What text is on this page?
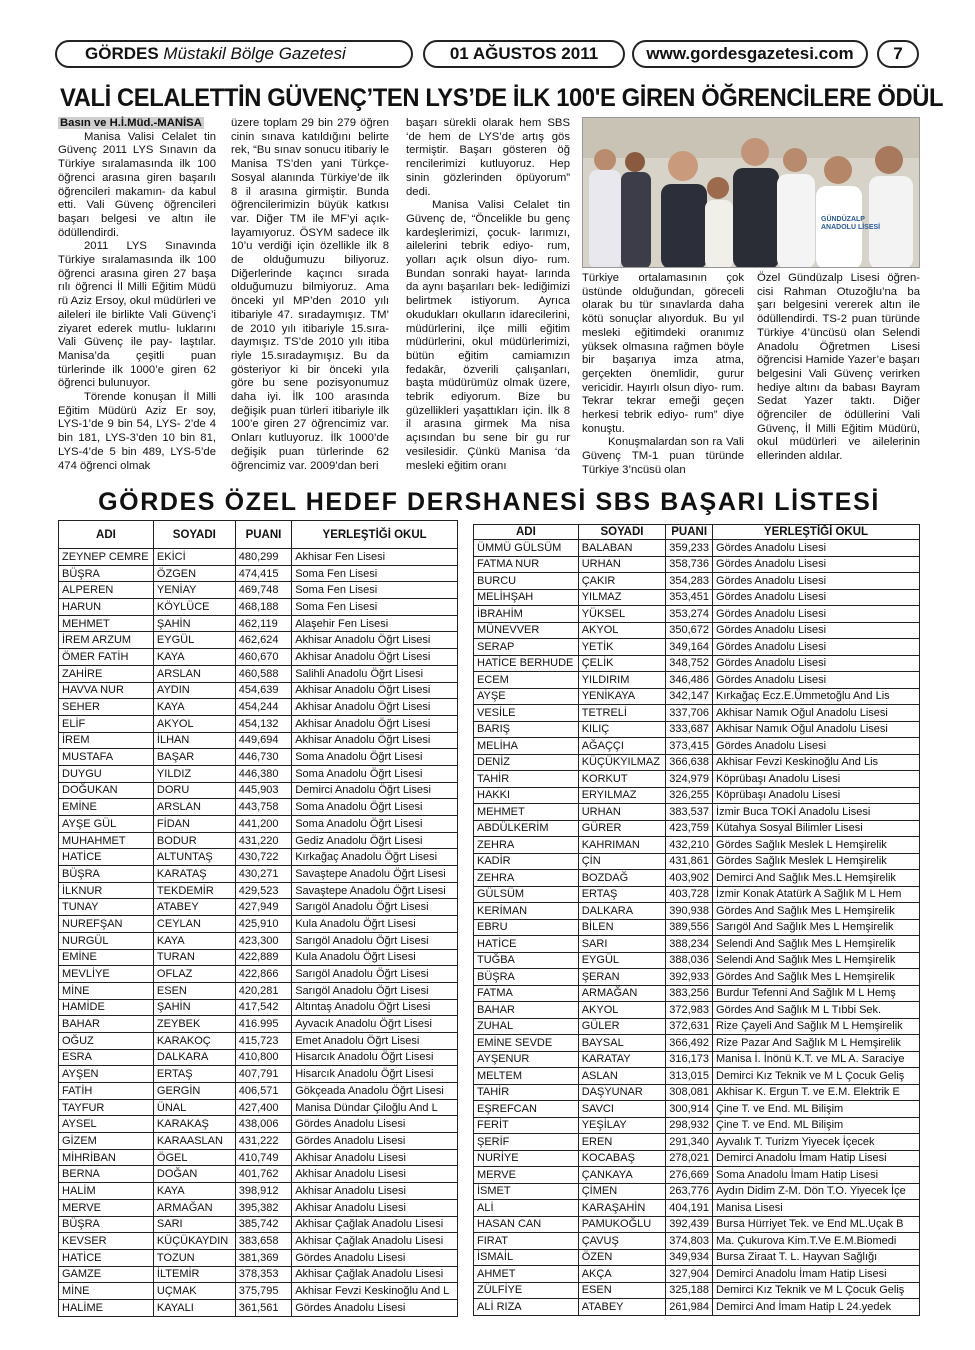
GÖRDES
Müstakil Bölge Gazetesi	01 AĞUSTOS 2011	www.gordesgazetesi.com 7
VALİ CELALETTİN GÜVENÇ’TEN LYS’DE İLK 100'E GİREN ÖĞRENCİLERE ÖDÜL

Basın ve H.İ.Müd.-MANİSA

Manisa Valisi Celalet tin Güvenç 2011 LYS Sınavın da Türkiye sıralamasında ilk 100 öğrenci arasına giren başarılı öğrencileri makamın- da kabul etti. Vali Güvenç öğrencileri başarı belgesi ve altın ile ödüllendirdi.

2011 LYS Sınavında Türkiye sıralamasında ilk 100 öğrenci arasına giren 27 başa rılı öğrenci İl Milli Eğitim Müdü rü Aziz Ersoy, okul müdürleri ve aileleri ile birlikte Vali Güvenç’i ziyaret ederek mutlu- luklarını Vali Güvenç ile pay- laştılar. Manisa’da çeşitli puan türlerinde ilk 1000’e giren 62 öğrenci bulunuyor.

Törende konuşan İl Milli Eğitim Müdürü Aziz Er soy, LYS-1’de 9 bin 54, LYS- 2’de 4 bin 181, LYS-3’den 10 bin 81, LYS-4’de 5 bin 489, LYS-5’de 474 öğrenci olmak

üzere toplam 29 bin 279 öğren cinin sınava katıldığını belirte rek, “Bu sınav sonucu itibariy le Manisa TS’den yani Türkçe- Sosyal alanında Türkiye’de ilk 8 il arasına girmiştir. Bunda öğrencilerimizin büyük katkısı var. Diğer TM ile MF’yi açık- layamıyoruz. ÖSYM sadece ilk 10’u verdiği için özellikle ilk 8 de olduğumuzu biliyoruz. Diğerlerinde kaçıncı sırada olduğumuzu bilmiyoruz. Ama önceki yıl MP’den 2010 yılı itibariyle 47. sıradaymışız. TM’ de 2010 yılı itibariyle 15.sıra- daymışız. TS’de 2010 yılı itiba riyle 15.sıradaymışız. Bu da gösteriyor ki bir önceki yıla göre bu sene pozisyonumuz daha iyi. İlk 100 arasında değişik puan türleri itibariyle ilk 100’e giren 27 öğrencimiz var. Onları kutluyoruz. İlk 1000’de değişik puan türlerinde 62 öğrencimiz var. 2009’dan beri

başarı sürekli olarak hem SBS ‘de hem de LYS’de artış gös termiştir. Başarı gösteren öğ rencilerimizi kutluyoruz. Hep sinin gözlerinden öpüyorum” dedi.

Manisa Valisi Celalet tin Güvenç de, “Öncelikle bu genç kardeşlerimizi, çocuk- larımızı, ailelerini tebrik ediyo- rum, yolları açık olsun diyo- rum. Bundan sonraki hayat- larında da aynı başarıları bek- lediğimizi belirtmek istiyorum. Ayrıca okudukları okulların idarecilerini, müdürlerini, ilçe milli eğitim müdürlerini, okul müdürlerimizi, bütün eğitim camiamızın fedakâr, özverili çalışanları, başta müdürümüz olmak üzere, tebrik ediyorum. Bize bu güzellikleri yaşattıkları için. İlk 8 il arasına girmek Ma nisa açısından bu sene bir gu rur vesilesidir. Çünkü Manisa ‘da mesleki eğitim oranı

GÜNDÜZALP
ANADOLU LİSESİ

Türkiye ortalamasının çok üstünde olduğundan, göreceli olarak bu tür sınavlarda daha kötü sonuçlar alıyorduk. Bu yıl mesleki eğitimdeki oranımız yüksek olmasına rağmen böyle bir başarıya imza atma, gerçekten önemlidir, gurur vericidir. Hayırlı olsun diyo- rum. Tekrar tekrar emeği geçen herkesi tebrik ediyo- rum” diye konuştu.

Konuşmalardan son ra Vali Güvenç TM-1 puan türünde Türkiye 3’ncüsü olan

Özel Gündüzalp Lisesi öğren- cisi Rahman Otuzoğlu’na ba şarı belgesini vererek altın ile ödüllendirdi. TS-2 puan türünde Türkiye 4’üncüsü olan Selendi Anadolu Öğretmen Lisesi öğrencisi Hamide Yazer’e başarı belgesini Vali Güvenç verirken hediye altını da babası Bayram Sedat Yazer taktı. Diğer öğrenciler de ödüllerini Vali Güvenç, İl Milli Eğitim Müdürü, okul müdürleri ve ailelerinin ellerinden aldılar.

GÖRDES ÖZEL HEDEF DERSHANESİ SBS BAŞARI LİSTESİ
ADI	SOYADI	PUANI	YERLEŞTİĞİ OKUL
ZEYNEP CEMRE	EKİCİ	480,299	Akhisar Fen Lisesi
BÜŞRA	ÖZGEN	474,415	Soma Fen Lisesi
ALPEREN	YENİAY	469,748	Soma Fen Lisesi
HARUN	KÖYLÜCE	468,188	Soma Fen Lisesi
MEHMET	ŞAHİN	462,119	Alaşehir Fen Lisesi
İREM ARZUM	EYGÜL	462,624	Akhisar Anadolu Öğrt Lisesi
ÖMER FATİH	KAYA	460,670	Akhisar Anadolu Öğrt Lisesi
ZAHİRE	ARSLAN	460,588	Salihli Anadolu Öğrt Lisesi
HAVVA NUR	AYDIN	454,639	Akhisar Anadolu Öğrt Lisesi
SEHER	KAYA	454,244	Akhisar Anadolu Öğrt Lisesi
ELİF	AKYOL	454,132	Akhisar Anadolu Öğrt Lisesi
İREM	İLHAN	449,694	Akhisar Anadolu Öğrt Lisesi
MUSTAFA	BAŞAR	446,730	Soma Anadolu Öğrt Lisesi
DUYGU	YILDIZ	446,380	Soma Anadolu Öğrt Lisesi
DOĞUKAN	DORU	445,903	Demirci Anadolu Öğrt Lisesi
EMİNE	ARSLAN	443,758	Soma Anadolu Öğrt Lisesi
AYŞE GÜL	FİDAN	441,200	Soma Anadolu Öğrt Lisesi
MUHAHMET	BODUR	431,220	Gediz Anadolu Öğrt Lisesi
HATİCE	ALTUNTAŞ	430,722	Kırkağaç Anadolu Öğrt Lisesi
BÜŞRA	KARATAŞ	430,271	Savaştepe Anadolu Öğrt Lisesi
İLKNUR	TEKDEMİR	429,523	Savaştepe Anadolu Öğrt Lisesi
TUNAY	ATABEY	427,949	Sarıgöl Anadolu Öğrt Lisesi
NUREFŞAN	CEYLAN	425,910	Kula Anadolu Öğrt Lisesi
NURGÜL	KAYA	423,300	Sarıgöl Anadolu Öğrt Lisesi
EMİNE	TURAN	422,889	Kula Anadolu Öğrt Lisesi
MEVLİYE	OFLAZ	422,866	Sarıgöl Anadolu Öğrt Lisesi
MİNE	ESEN	420,281	Sarıgöl Anadolu Öğrt Lisesi
HAMİDE	ŞAHİN	417,542	Altıntaş Anadolu Öğrt Lisesi
BAHAR	ZEYBEK	416.995	Ayvacık Anadolu Öğrt Lisesi
OĞUZ	KARAKOÇ	415,723	Emet Anadolu Öğrt Lisesi
ESRA	DALKARA	410,800	Hisarcık Anadolu Öğrt Lisesi
AYŞEN	ERTAŞ	407,791	Hisarcık Anadolu Öğrt Lisesi
FATİH	GERGİN	406,571	Gökçeada Anadolu Öğrt Lisesi
TAYFUR	ÜNAL	427,400	Manisa Dündar Çiloğlu And L
AYSEL	KARAKAŞ	438,006	Gördes Anadolu Lisesi
GİZEM	KARAASLAN	431,222	Gördes Anadolu Lisesi
MİHRİBAN	ÖGEL	410,749	Akhisar Anadolu Lisesi
BERNA	DOĞAN	401,762	Akhisar Anadolu Lisesi
HALİM	KAYA	398,912	Akhisar Anadolu Lisesi
MERVE	ARMAĞAN	395,382	Akhisar Anadolu Lisesi
BÜŞRA	SARI	385,742	Akhisar Çağlak Anadolu Lisesi
KEVSER	KÜÇÜKAYDIN	383,658	Akhisar Çağlak Anadolu Lisesi
HATİCE	TOZUN	381,369	Gördes Anadolu Lisesi
GAMZE	İLTEMİR	378,353	Akhisar Çağlak Anadolu Lisesi
MİNE	UÇMAK	375,795	Akhisar Fevzi Keskinoğlu And L
HALİME	KAYALI	361,561	Gördes Anadolu Lisesi
ADI	SOYADI	PUANI	YERLEŞTİĞİ OKUL
ÜMMÜ GÜLSÜM	BALABAN	359,233	Gördes Anadolu Lisesi
FATMA NUR	URHAN	358,736	Gördes Anadolu Lisesi
BURCU	ÇAKIR	354,283	Gördes Anadolu Lisesi
MELİHŞAH	YILMAZ	353,451	Gördes Anadolu Lisesi
İBRAHİM	YÜKSEL	353,274	Gördes Anadolu Lisesi
MÜNEVVER	AKYOL	350,672	Gördes Anadolu Lisesi
SERAP	YETİK	349,164	Gördes Anadolu Lisesi
HATİCE BERHUDE	ÇELİK	348,752	Gördes Anadolu Lisesi
ECEM	YILDIRIM	346,486	Gördes Anadolu Lisesi
AYŞE	YENİKAYA	342,147	Kırkağaç Ecz.E.Ümmetoğlu And Lis
VESİLE	TETRELİ	337,706	Akhisar Namık Oğul Anadolu Lisesi
BARIŞ	KILIÇ	333,687	Akhisar Namık Oğul Anadolu Lisesi
MELİHA	AĞAÇÇI	373,415	Gördes Anadolu Lisesi
DENİZ	KÜÇÜKYILMAZ	366,638	Akhisar Fevzi Keskinoğlu And Lis
TAHİR	KORKUT	324,979	Köprübaşı Anadolu Lisesi
HAKKI	ERYILMAZ	326,255	Köprübaşı Anadolu Lisesi
MEHMET	URHAN	383,537	İzmir Buca TOKİ Anadolu Lisesi
ABDÜLKERİM	GÜRER	423,759	Kütahya Sosyal Bilimler Lisesi
ZEHRA	KAHRIMAN	432,210	Gördes Sağlık Meslek L Hemşirelik
KADİR	ÇİN	431,861	Gördes Sağlık Meslek L Hemşirelik
ZEHRA	BOZDAĞ	403,902	Demirci And Sağlık Mes.L Hemşirelik
GÜLSÜM	ERTAŞ	403,728	İzmir Konak Atatürk A Sağlık M L Hem
KERİMAN	DALKARA	390,938	Gördes And Sağlık Mes L Hemşirelik
EBRU	BİLEN	389,556	Sarıgöl And Sağlık Mes L Hemşirelik
HATİCE	SARI	388,234	Selendi And Sağlık Mes L Hemşirelik
TUĞBA	EYGÜL	388,036	Selendi And Sağlık Mes L Hemşirelik
BÜŞRA	ŞERAN	392,933	Gördes And Sağlık Mes L Hemşirelik
FATMA	ARMAĞAN	383,256	Burdur Tefenni And Sağlık M L Hemş
BAHAR	AKYOL	372,983	Gördes And Sağlık M L Tıbbi Sek.
ZUHAL	GÜLER	372,631	Rize Çayeli And Sağlık M L Hemşirelik
EMİNE SEVDE	BAYSAL	366,492	Rize Pazar And Sağlık M L Hemşirelik
AYŞENUR	KARATAY	316,173	Manisa İ. İnönü K.T. ve ML A. Saraciye
MELTEM	ASLAN	313,015	Demirci Kız Teknik ve M L Çocuk Geliş
TAHİR	DAŞYUNAR	308,081	Akhisar K. Ergun T. ve E.M. Elektrik E
EŞREFCAN	SAVCI	300,914	Çine T. ve End. ML Bilişim
FERİT	YEŞİLAY	298,932	Çine T. ve End. ML Bilişim
ŞERİF	EREN	291,340	Ayvalık T. Turizm Yiyecek İçecek
NURİYE	KOCABAŞ	278,021	Demirci Anadolu İmam Hatip Lisesi
MERVE	ÇANKAYA	276,669	Soma Anadolu İmam Hatip Lisesi
İSMET	ÇİMEN	263,776	Aydın Didim Z-M. Dön T.O. Yiyecek İçe
ALİ	KARAŞAHİN	404,191	Manisa Lisesi
HASAN CAN	PAMUKOĞLU	392,439	Bursa Hürriyet Tek. ve End ML.Uçak B
FIRAT	ÇAVUŞ	374,803	Ma. Çukurova Kim.T.Ve E.M.Biomedi
İSMAİL	ÖZEN	349,934	Bursa Ziraat T. L. Hayvan Sağlığı
AHMET	AKÇA	327,904	Demirci Anadolu İmam Hatip Lisesi
ZÜLFİYE	ESEN	325,188	Demirci Kız Teknik ve M L Çocuk Geliş
ALİ RIZA	ATABEY	261,984	Demirci And İmam Hatip L 24.yedek
